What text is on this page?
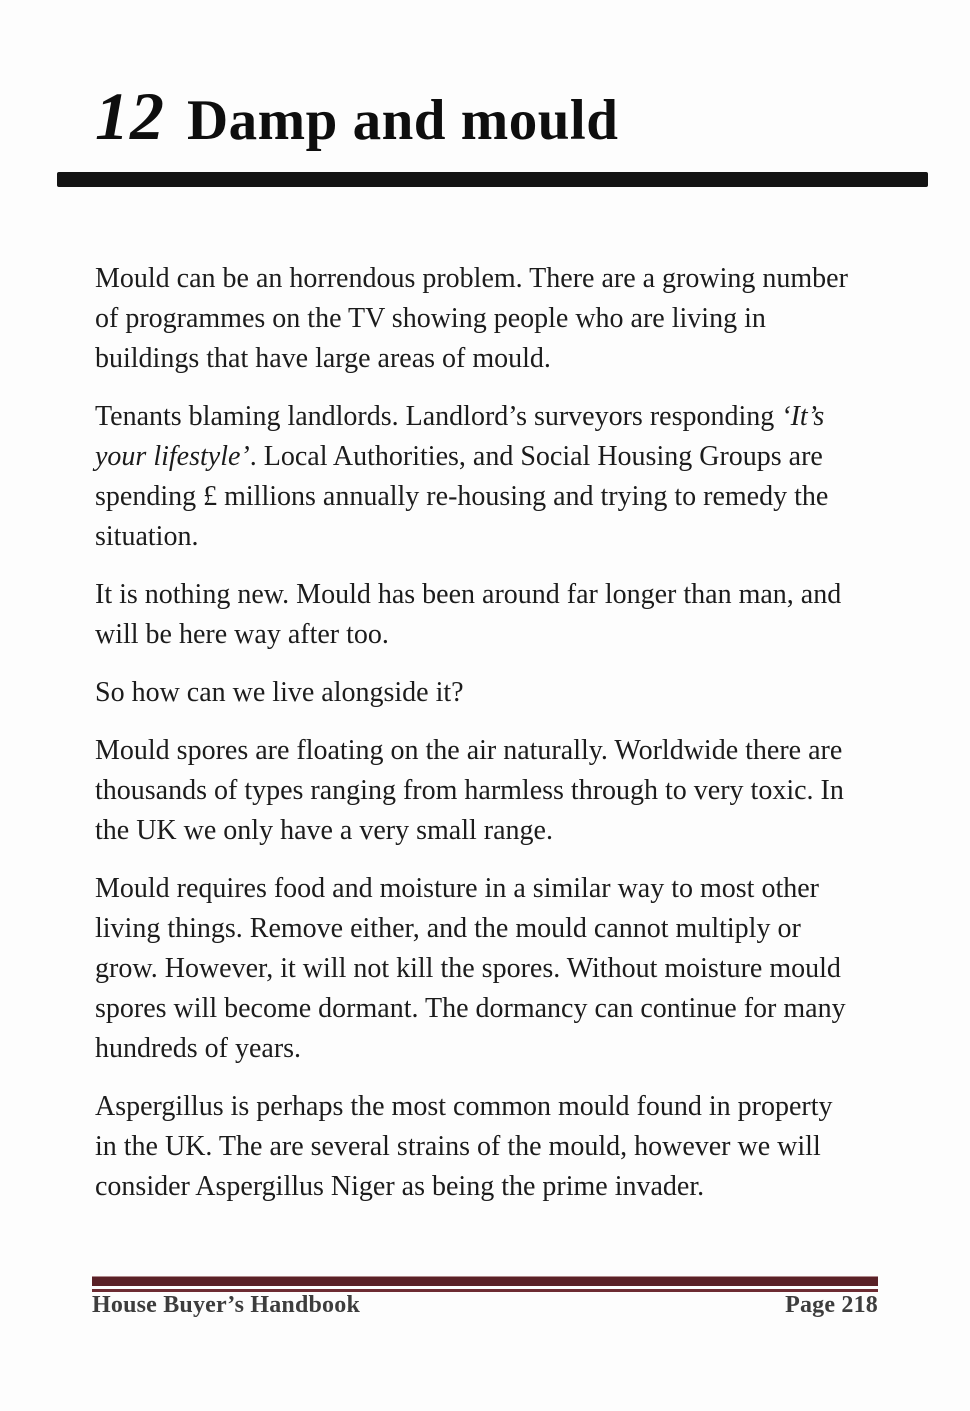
12 Damp and mould

Mould can be an horrendous problem. There are a growing number
of programmes on the TV showing people who are living in
buildings that have large areas of mould.

Tenants blaming landlords. Landlord’s surveyors responding ‘It’s
your lifestyle’. Local Authorities, and Social Housing Groups are
spending £ millions annually re-housing and trying to remedy the
situation.

It is nothing new. Mould has been around far longer than man, and
will be here way after too.

So how can we live alongside it?

Mould spores are floating on the air naturally. Worldwide there are
thousands of types ranging from harmless through to very toxic. In
the UK we only have a very small range.

Mould requires food and moisture in a similar way to most other
living things. Remove either, and the mould cannot multiply or
grow. However, it will not kill the spores. Without moisture mould
spores will become dormant. The dormancy can continue for many
hundreds of years.

Aspergillus is perhaps the most common mould found in property
in the UK. The are several strains of the mould, however we will
consider Aspergillus Niger as being the prime invader.

House Buyer’s Handbook	Page 218
